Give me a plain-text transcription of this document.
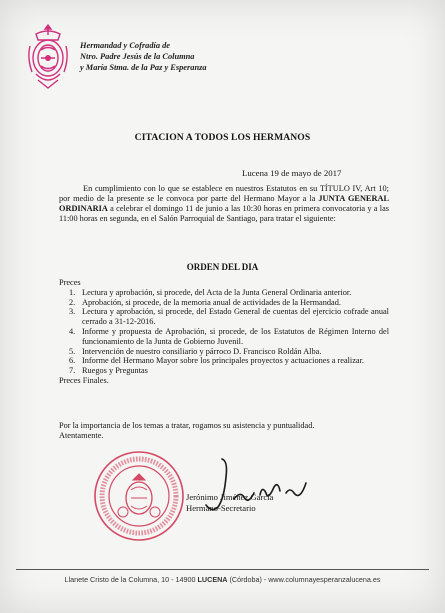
Hermandad y Cofradía de
Ntro. Padre Jesús de la Columna
y María Stma. de la Paz y Esperanza
CITACION A TODOS LOS HERMANOS
Lucena 19 de mayo de 2017
En cumplimiento con lo que se establece en nuestros Estatutos en su TÍTULO IV, Art 10; por medio de la presente se le convoca por parte del Hermano Mayor a la JUNTA GENERAL ORDINARIA a celebrar el domingo 11 de junio a las 10:30 horas en primera convocatoria y a las 11:00 horas en segunda, en el Salón Parroquial de Santiago, para tratar el siguiente:
ORDEN DEL DIA
Preces
1. Lectura y aprobación, si procede, del Acta de la Junta General Ordinaria anterior.
2. Aprobación, si procede, de la memoria anual de actividades de la Hermandad.
3. Lectura y aprobación, si procede, del Estado General de cuentas del ejercicio cofrade anual cerrado a 31-12-2016.
4. Informe y propuesta de Aprobación, si procede, de los Estatutos de Régimen Interno del funcionamiento de la Junta de Gobierno Juvenil.
5. Intervención de nuestro consiliario y párroco D. Francisco Roldán Alba.
6. Informe del Hermano Mayor sobre los principales proyectos y actuaciones a realizar.
7. Ruegos y Preguntas
Preces Finales.
Por la importancia de los temas a tratar, rogamos su asistencia y puntualidad.
Atentamente.
Jerónimo Jiménez García
Hermano-Secretario
Llanete Cristo de la Columna, 10 - 14900 LUCENA (Córdoba) - www.columnayesperanzalucena.es
